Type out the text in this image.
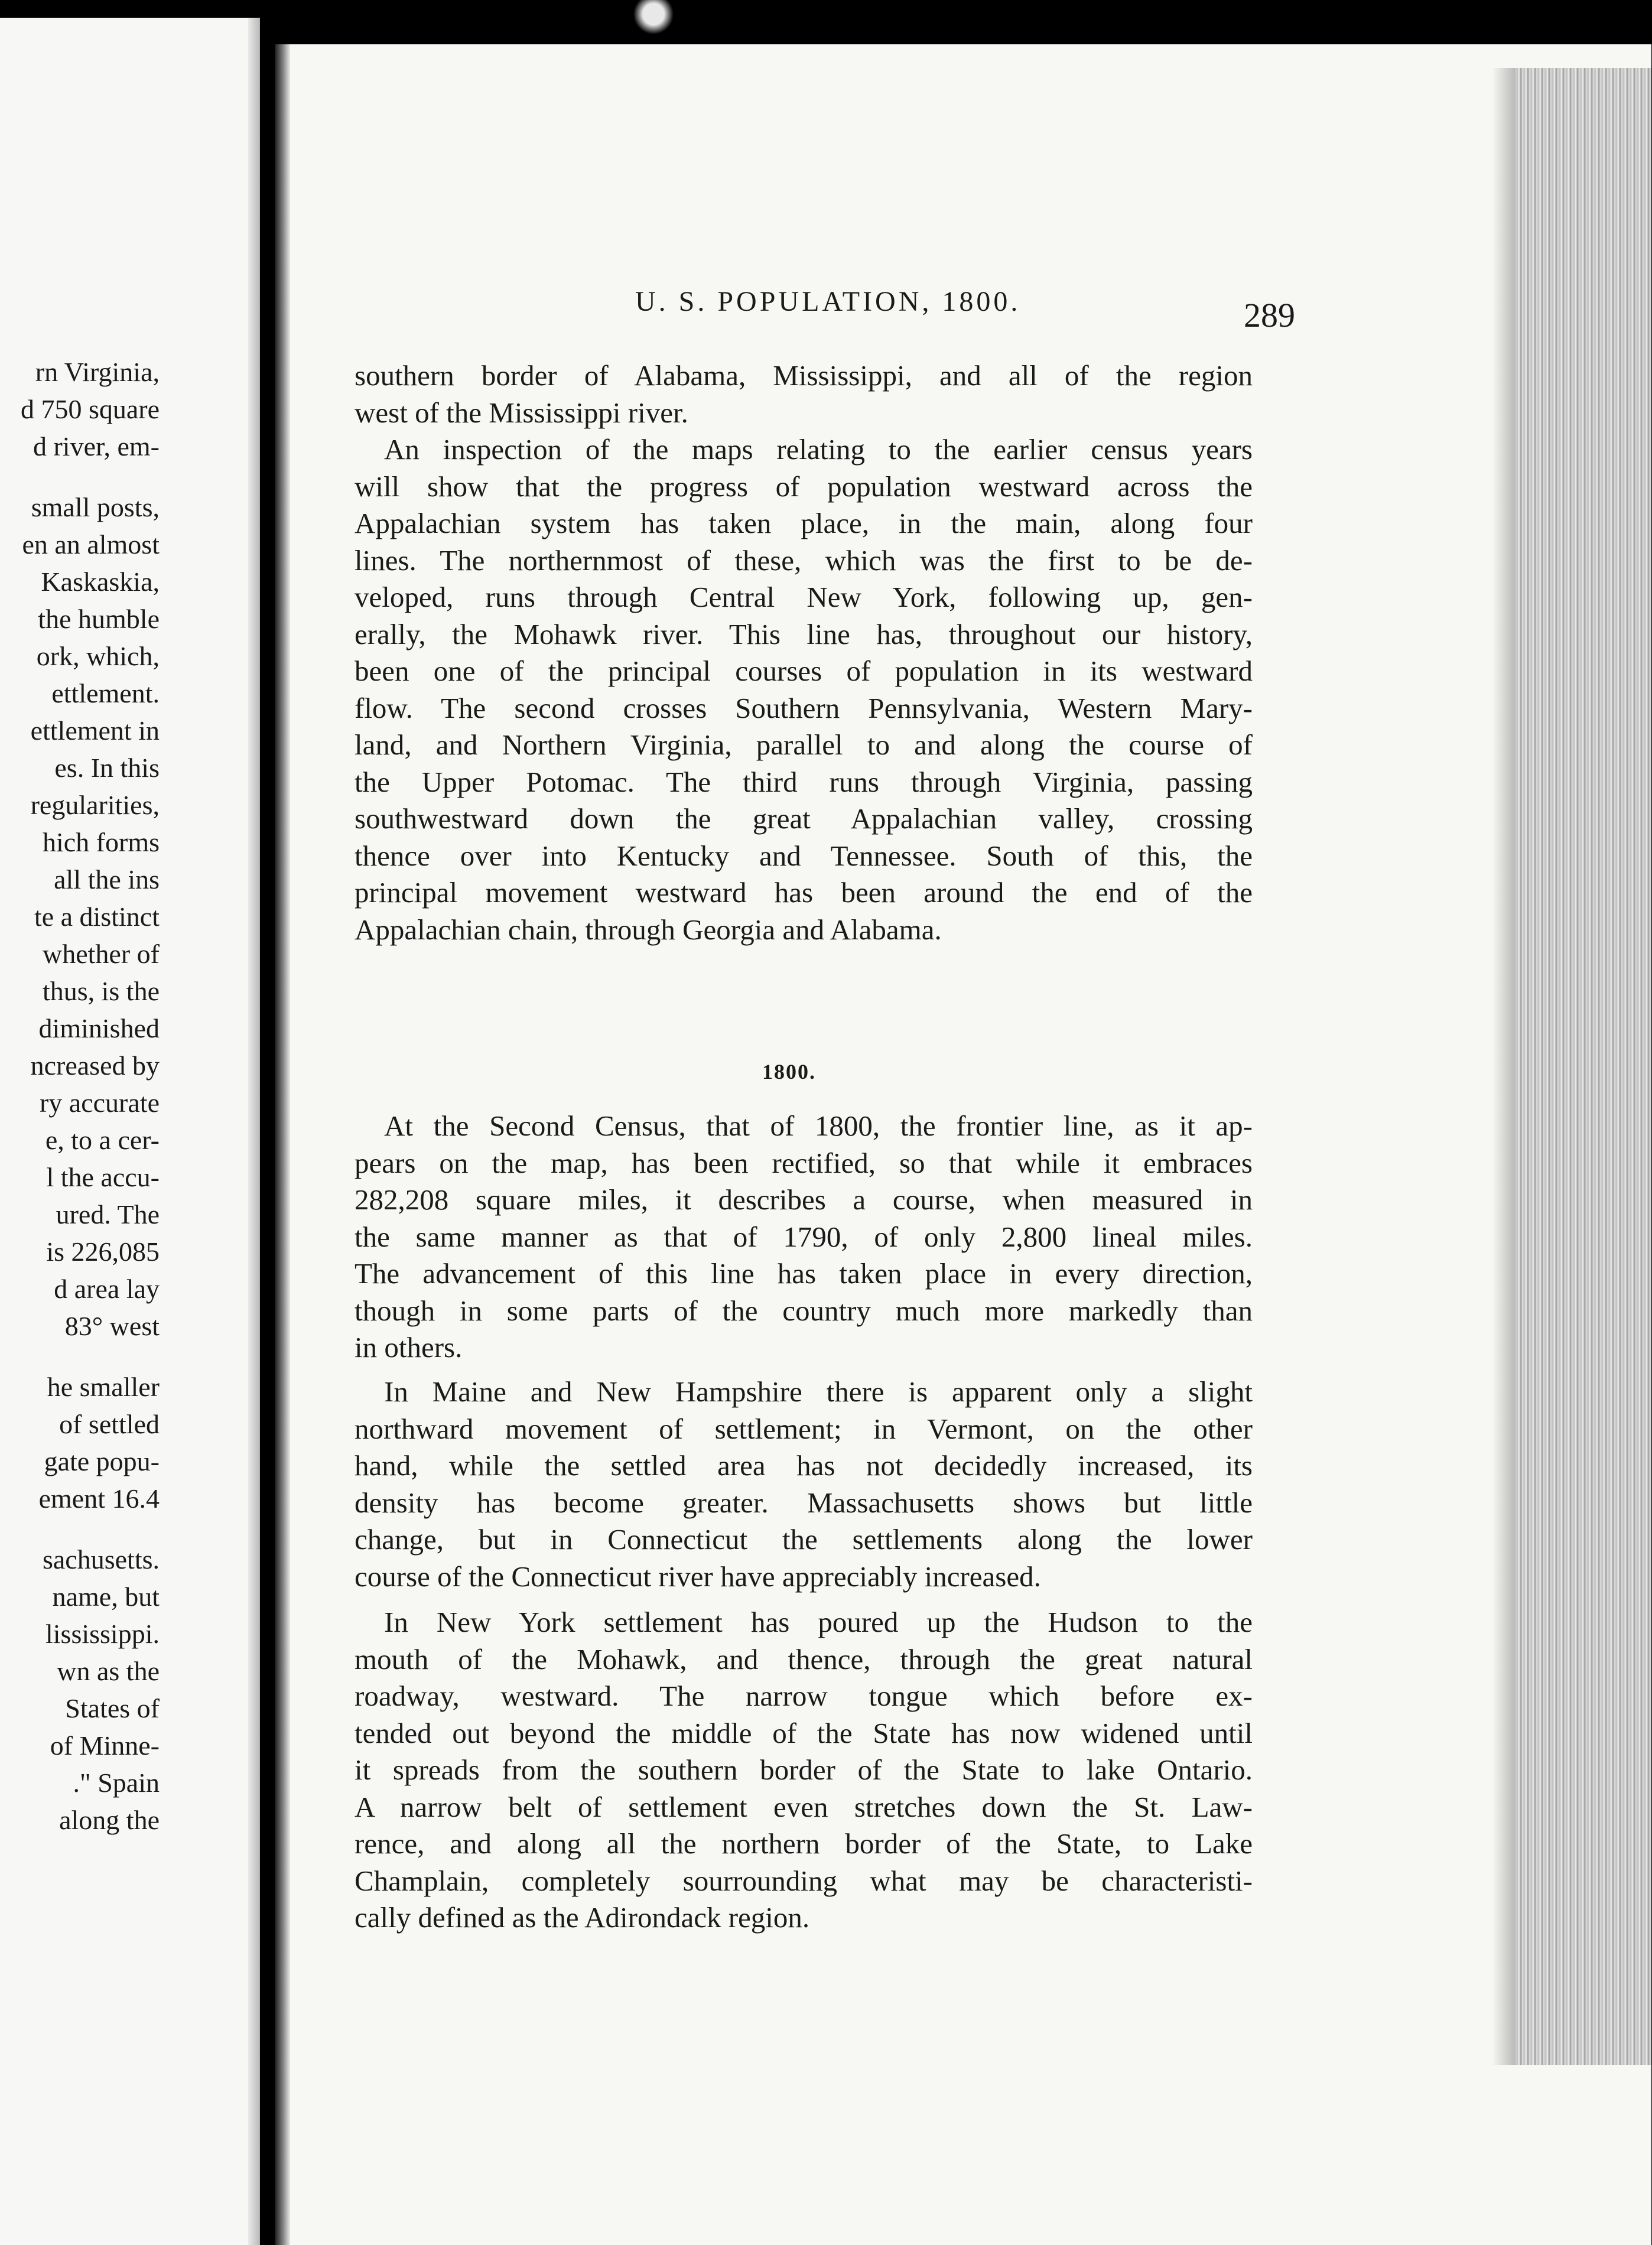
rn Virginia,
d 750 square
d river, em-
small posts,
en an almost
Kaskaskia,
the humble
ork, which,
ettlement.
ettlement in
es. In this
regularities,
hich forms
all the ins
te a distinct
whether of
thus, is the
diminished
ncreased by
ry accurate
e, to a cer-
l the accu-
ured. The
is 226,085
d area lay
83° west
he smaller
of settled
gate popu-
ement 16.4
sachusetts.
name, but
lississippi.
wn as the
States of
of Minne-
." Spain
along the
U. S. POPULATION, 1800.	289
southern border of Alabama, Mississippi, and all of the region
west of the Mississippi river.
An inspection of the maps relating to the earlier census years
will show that the progress of population westward across the
Appalachian system has taken place, in the main, along four
lines. The northernmost of these, which was the first to be de-
veloped, runs through Central New York, following up, gen-
erally, the Mohawk river. This line has, throughout our history,
been one of the principal courses of population in its westward
flow. The second crosses Southern Pennsylvania, Western Mary-
land, and Northern Virginia, parallel to and along the course of
the Upper Potomac. The third runs through Virginia, passing
southwestward down the great Appalachian valley, crossing
thence over into Kentucky and Tennessee. South of this, the
principal movement westward has been around the end of the
Appalachian chain, through Georgia and Alabama.
1800.
At the Second Census, that of 1800, the frontier line, as it ap-
pears on the map, has been rectified, so that while it embraces
282,208 square miles, it describes a course, when measured in
the same manner as that of 1790, of only 2,800 lineal miles.
The advancement of this line has taken place in every direction,
though in some parts of the country much more markedly than
in others.
In Maine and New Hampshire there is apparent only a slight
northward movement of settlement; in Vermont, on the other
hand, while the settled area has not decidedly increased, its
density has become greater. Massachusetts shows but little
change, but in Connecticut the settlements along the lower
course of the Connecticut river have appreciably increased.
In New York settlement has poured up the Hudson to the
mouth of the Mohawk, and thence, through the great natural
roadway, westward. The narrow tongue which before ex-
tended out beyond the middle of the State has now widened until
it spreads from the southern border of the State to lake Ontario.
A narrow belt of settlement even stretches down the St. Law-
rence, and along all the northern border of the State, to Lake
Champlain, completely sourrounding what may be characteristi-
cally defined as the Adirondack region.
